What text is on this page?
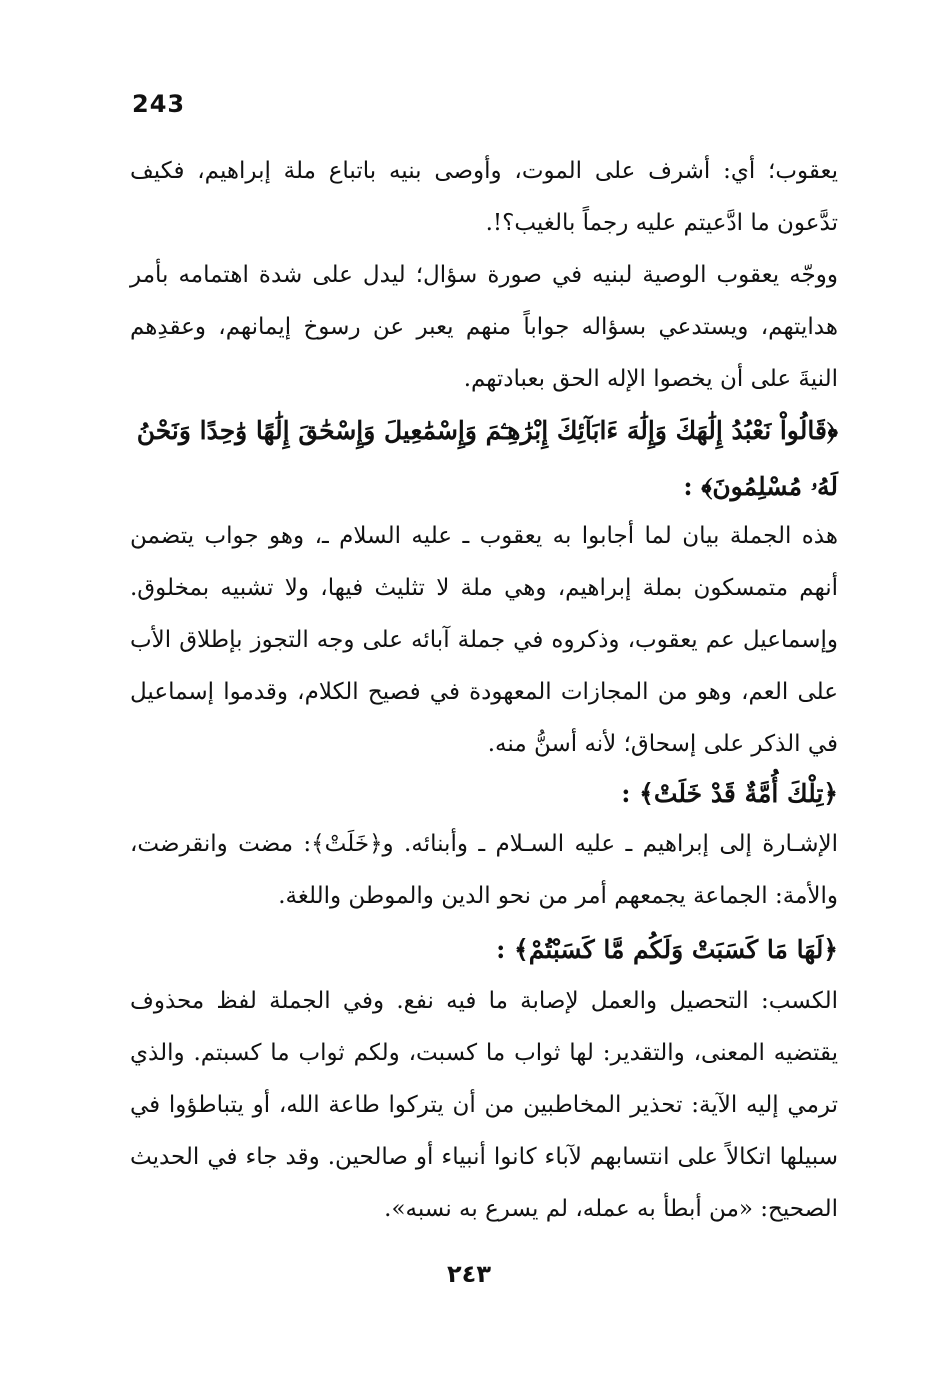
243

يعقوب؛ أي: أشرف على الموت، وأوصى بنيه باتباع ملة إبراهيم، فكيف تدَّعون ما ادَّعيتم عليه رجماً بالغيب؟!.

ووجّه يعقوب الوصية لبنيه في صورة سؤال؛ ليدل على شدة اهتمامه بأمر هدايتهم، ويستدعي بسؤاله جواباً منهم يعبر عن رسوخ إيمانهم، وعقدِهم النيةَ على أن يخصوا الإله الحق بعبادتهم.

﴿قَالُواْ نَعْبُدُ إِلَٰهَكَ وَإِلَٰهَ ءَابَآئِكَ إِبْرَٰهِـۧمَ وَإِسْمَٰعِيلَ وَإِسْحَٰقَ إِلَٰهًا وَٰحِدًا وَنَحْنُ لَهُۥ مُسْلِمُونَ﴾ :

هذه الجملة بيان لما أجابوا به يعقوب ـ عليه السلام ـ، وهو جواب يتضمن أنهم متمسكون بملة إبراهيم، وهي ملة لا تثليث فيها، ولا تشبيه بمخلوق. وإسماعيل عم يعقوب، وذكروه في جملة آبائه على وجه التجوز بإطلاق الأب على العم، وهو من المجازات المعهودة في فصيح الكلام، وقدموا إسماعيل في الذكر على إسحاق؛ لأنه أسنُّ منه.

﴿تِلْكَ أُمَّةٌ قَدْ خَلَتْ﴾ :

الإشـارة إلى إبراهيم ـ عليه السـلام ـ وأبنائه. و﴿خَلَتْ﴾: مضت وانقرضت، والأمة: الجماعة يجمعهم أمر من نحو الدين والموطن واللغة.

﴿لَهَا مَا كَسَبَتْ وَلَكُم مَّا كَسَبْتُمْ﴾ :

الكسب: التحصيل والعمل لإصابة ما فيه نفع. وفي الجملة لفظ محذوف يقتضيه المعنى، والتقدير: لها ثواب ما كسبت، ولكم ثواب ما كسبتم. والذي ترمي إليه الآية: تحذير المخاطبين من أن يتركوا طاعة الله، أو يتباطؤوا في سبيلها اتكالاً على انتسابهم لآباء كانوا أنبياء أو صالحين. وقد جاء في الحديث الصحيح: «من أبطأ به عمله، لم يسرع به نسبه».

٢٤٣
